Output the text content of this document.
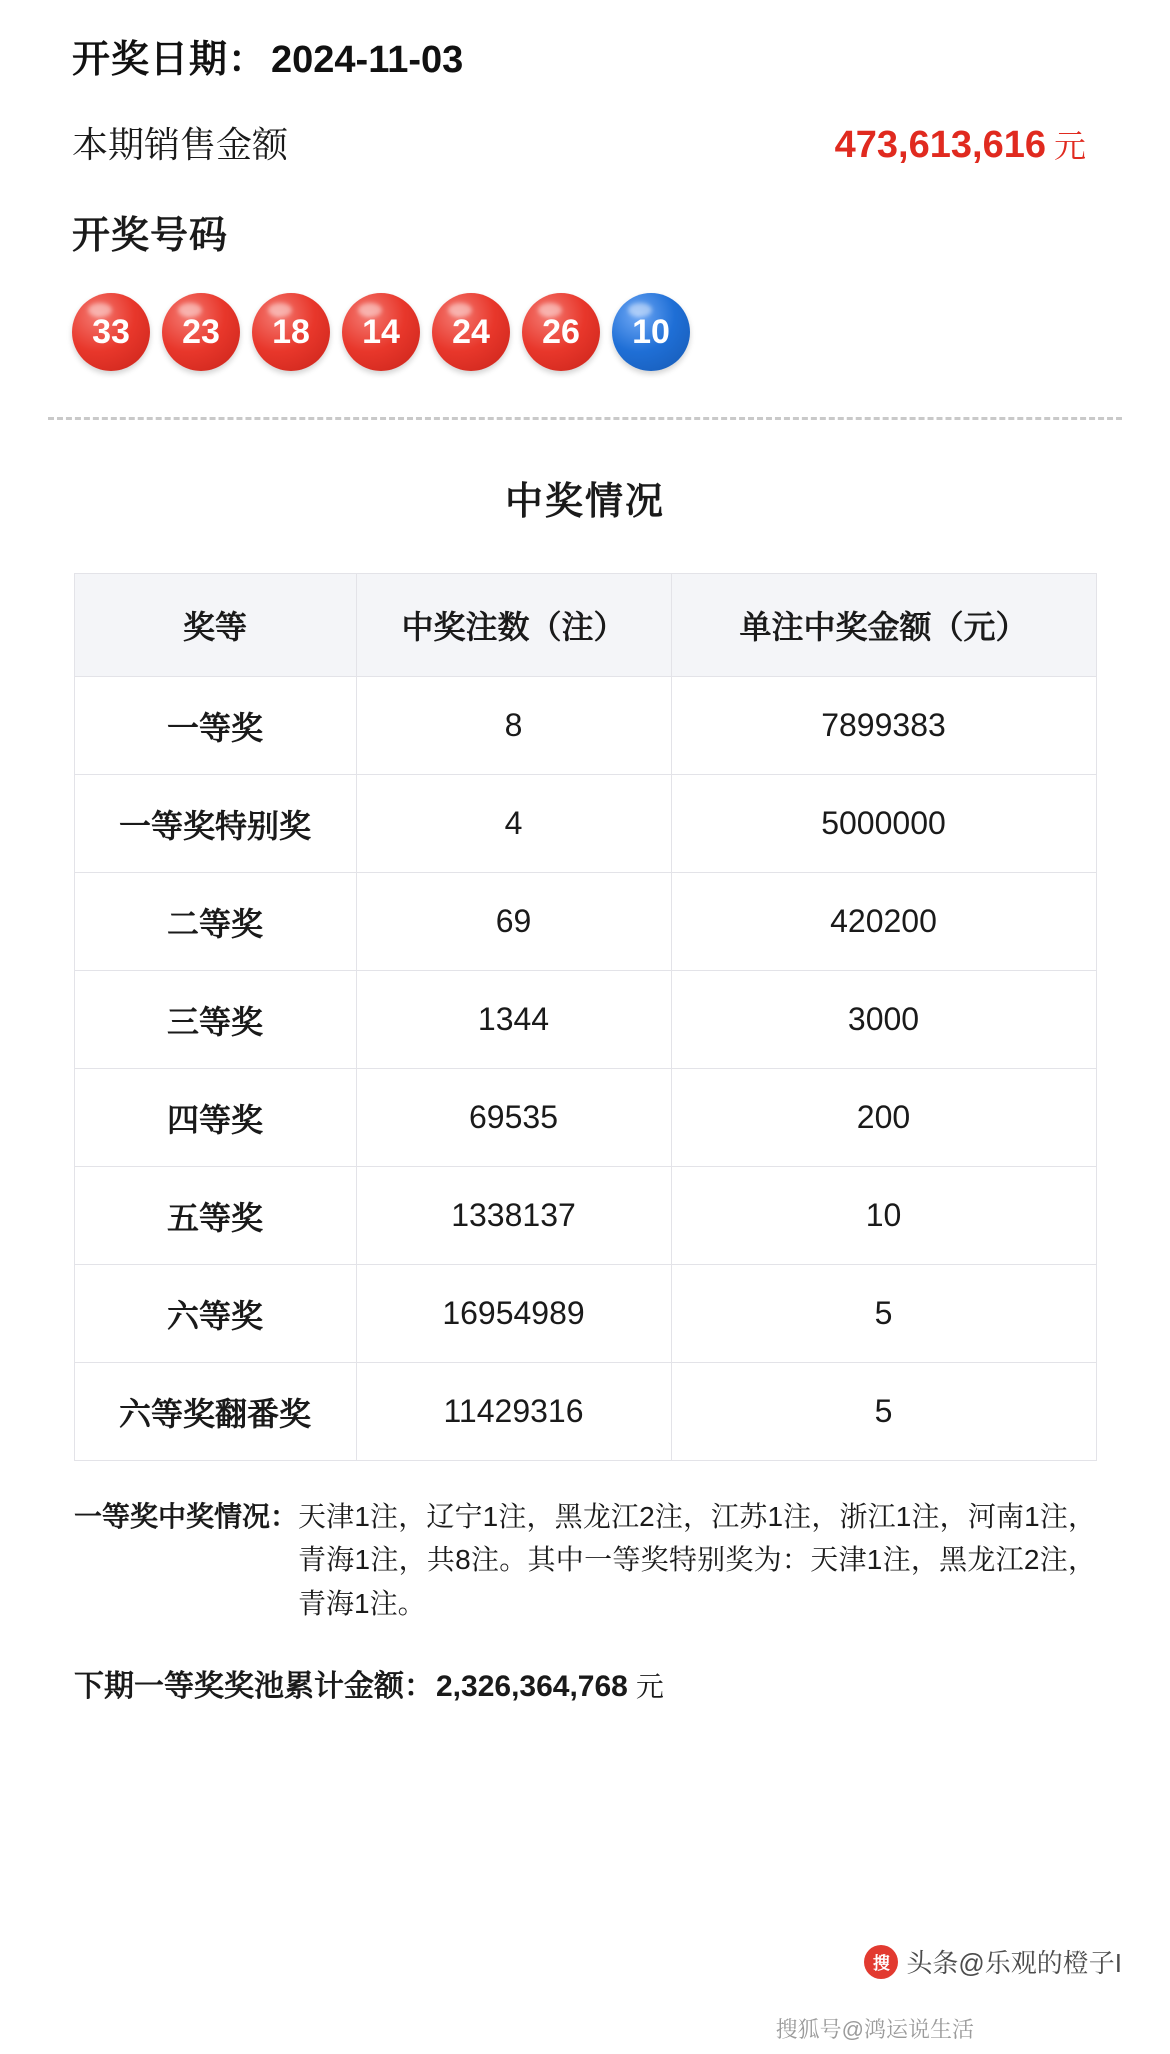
开奖日期： 2024-11-03
本期销售金额	473,613,616 元
开奖号码
33	23	18	14	24	26	10
中奖情况
奖等	中奖注数（注）	单注中奖金额（元）
一等奖	8	7899383
一等奖特别奖	4	5000000
二等奖	69	420200
三等奖	1344	3000
四等奖	69535	200
五等奖	1338137	10
六等奖	16954989	5
六等奖翻番奖	11429316	5
一等奖中奖情况： 天津1注，辽宁1注，黑龙江2注，江苏1注，浙江1注，河南1注，青海1注，共8注。其中一等奖特别奖为：天津1注，黑龙江2注，青海1注。
下期一等奖奖池累计金额： 2,326,364,768 元
搜 头条@乐观的橙子I
搜狐号@鸿运说生活
